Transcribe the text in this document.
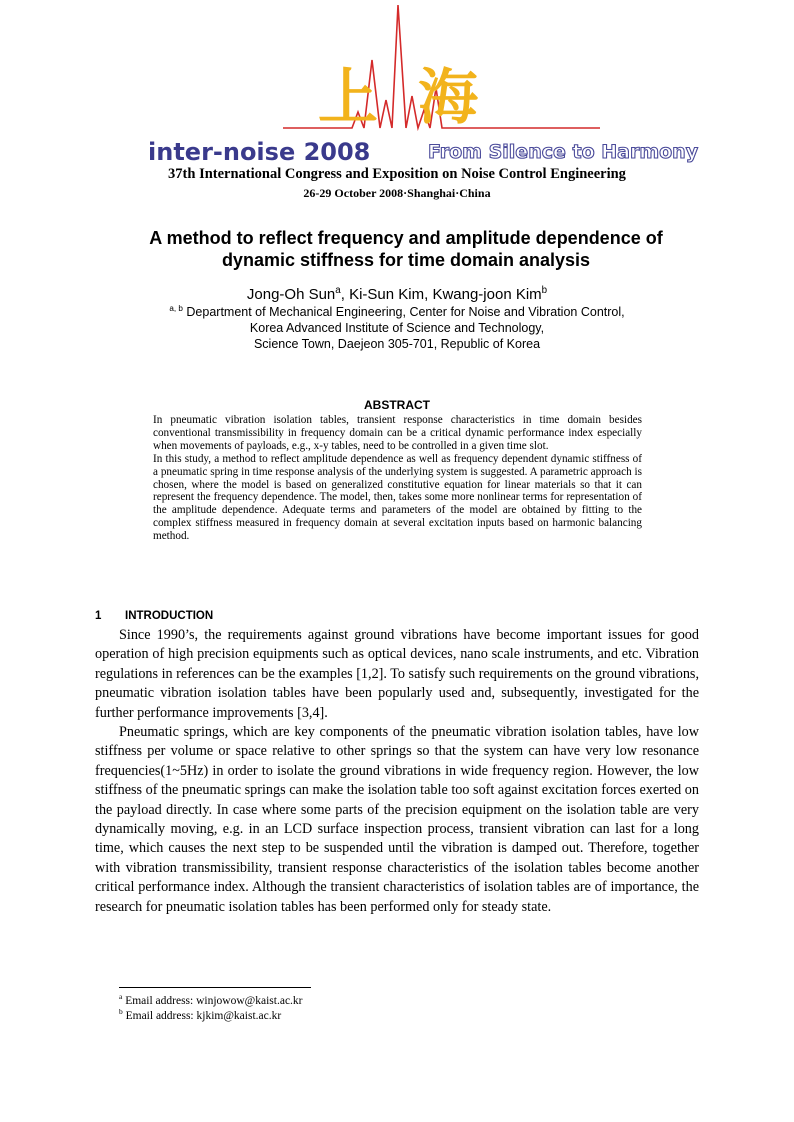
上海
inter-noise 2008	From Silence to Harmony
37th International Congress and Exposition on Noise Control Engineering
26-29 October 2008·Shanghai·China
A method to reflect frequency and amplitude dependence of
dynamic stiffness for time domain analysis
Jong-Oh Sun$^a$, Ki-Sun Kim, Kwang-joon Kim$^b$
$^{a, b}$ Department of Mechanical Engineering, Center for Noise and Vibration Control,
Korea Advanced Institute of Science and Technology,
Science Town, Daejeon 305-701, Republic of Korea
ABSTRACT

In pneumatic vibration isolation tables, transient response characteristics in time domain besides conventional transmissibility in frequency domain can be a critical dynamic performance index especially when movements of payloads, e.g., x-y tables, need to be controlled in a given time slot.

In this study, a method to reflect amplitude dependence as well as frequency dependent dynamic stiffness of a pneumatic spring in time response analysis of the underlying system is suggested. A parametric approach is chosen, where the model is based on generalized constitutive equation for linear materials so that it can represent the frequency dependence. The model, then, takes some more nonlinear terms for representation of the amplitude dependence. Adequate terms and parameters of the model are obtained by fitting to the complex stiffness measured in frequency domain at several excitation inputs based on harmonic balancing method.

1 INTRODUCTION

Since 1990’s, the requirements against ground vibrations have become important issues for good operation of high precision equipments such as optical devices, nano scale instruments, and etc. Vibration regulations in references can be the examples [1,2]. To satisfy such requirements on the ground vibrations, pneumatic vibration isolation tables have been popularly used and, subsequently, investigated for the further performance improvements [3,4].

Pneumatic springs, which are key components of the pneumatic vibration isolation tables, have low stiffness per volume or space relative to other springs so that the system can have very low resonance frequencies(1~5Hz) in order to isolate the ground vibrations in wide frequency region. However, the low stiffness of the pneumatic springs can make the isolation table too soft against excitation forces exerted on the payload directly. In case where some parts of the precision equipment on the isolation table are very dynamically moving, e.g. in an LCD surface inspection process, transient vibration can last for a long time, which causes the next step to be suspended until the vibration is damped out. Therefore, together with vibration transmissibility, transient response characteristics of the isolation tables become another critical performance index. Although the transient characteristics of isolation tables are of importance, the research for pneumatic isolation tables has been performed only for steady state.

$^a$ Email address: winjowow@kaist.ac.kr
$^b$ Email address: kjkim@kaist.ac.kr
